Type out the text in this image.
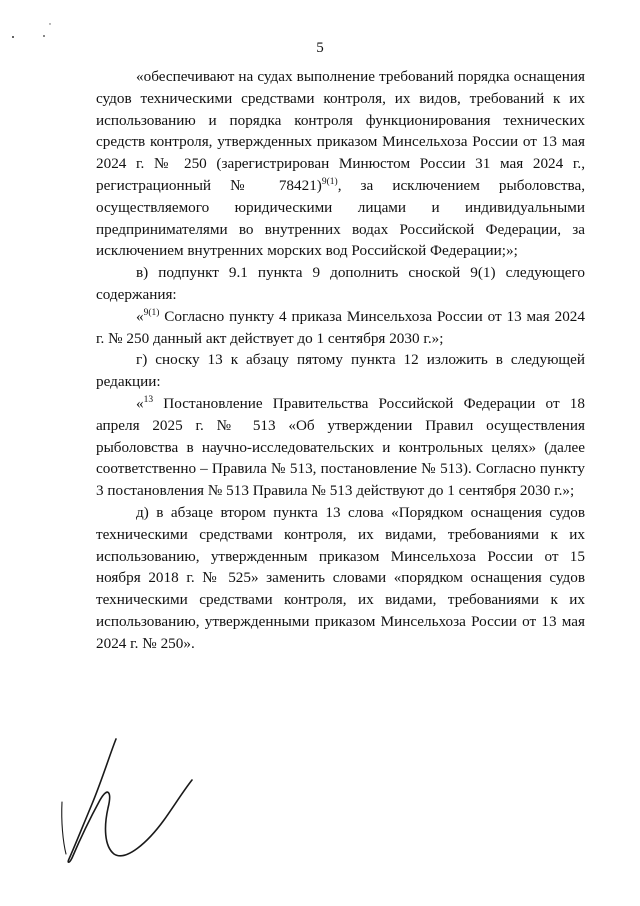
5

«обеспечивают на судах выполнение требований порядка оснащения судов техническими средствами контроля, их видов, требований к их использованию и порядка контроля функционирования технических средств контроля, утвержденных приказом Минсельхоза России от 13 мая 2024 г. № 250 (зарегистрирован Минюстом России 31 мая 2024 г., регистрационный № 78421)$^{9(1)}$, за исключением рыболовства, осуществляемого юридическими лицами и индивидуальными предпринимателями во внутренних водах Российской Федерации, за исключением внутренних морских вод Российской Федерации;»;

в) подпункт 9.1 пункта 9 дополнить сноской 9(1) следующего содержания:

«$^{9(1)}$ Согласно пункту 4 приказа Минсельхоза России от 13 мая 2024 г. № 250 данный акт действует до 1 сентября 2030 г.»;

г) сноску 13 к абзацу пятому пункта 12 изложить в следующей редакции:

«$^{13}$ Постановление Правительства Российской Федерации от 18 апреля 2025 г. № 513 «Об утверждении Правил осуществления рыболовства в научно-исследовательских и контрольных целях» (далее соответственно – Правила № 513, постановление № 513). Согласно пункту 3 постановления № 513 Правила № 513 действуют до 1 сентября 2030 г.»;

д) в абзаце втором пункта 13 слова «Порядком оснащения судов техническими средствами контроля, их видами, требованиями к их использованию, утвержденным приказом Минсельхоза России от 15 ноября 2018 г. № 525» заменить словами «порядком оснащения судов техническими средствами контроля, их видами, требованиями к их использованию, утвержденными приказом Минсельхоза России от 13 мая 2024 г. № 250».
